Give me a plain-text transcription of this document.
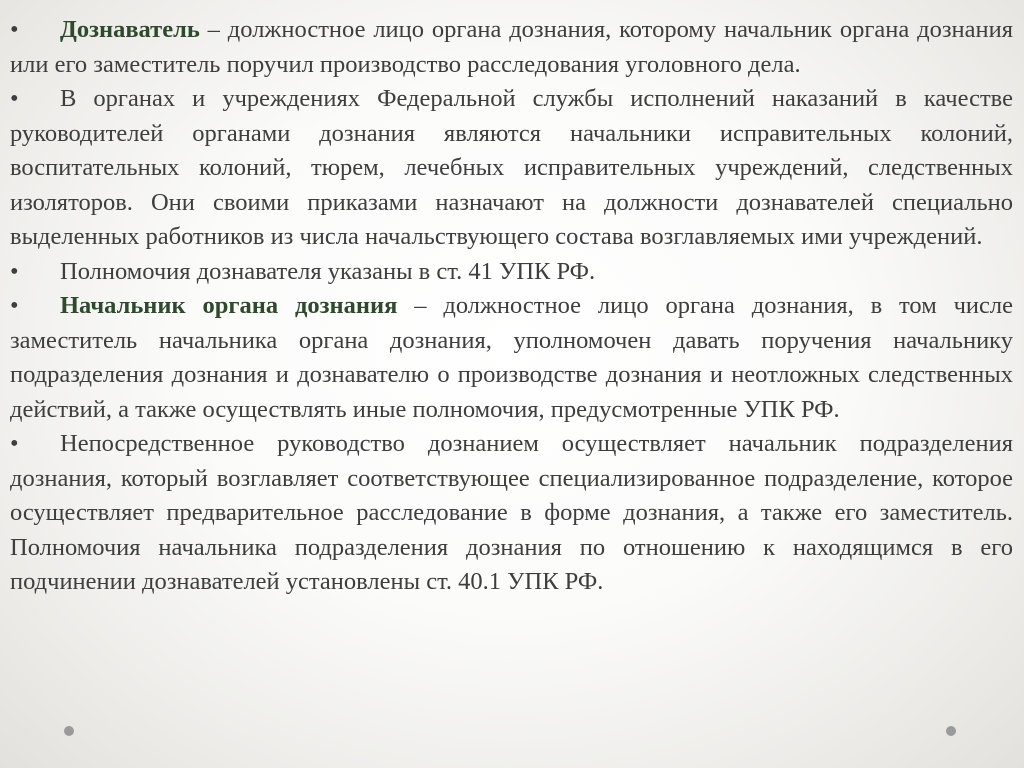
•	Дознаватель – должностное лицо органа дознания, которому начальник органа дознания или его заместитель поручил производство расследования уголовного дела.
•	В органах и учреждениях Федеральной службы исполнений наказаний в качестве руководителей органами дознания являются начальники исправительных колоний, воспитательных колоний, тюрем, лечебных исправительных учреждений, следственных изоляторов. Они своими приказами назначают на должности дознавателей специально выделенных работников из числа начальствующего состава возглавляемых ими учреждений.
•	Полномочия дознавателя указаны в ст. 41 УПК РФ.
•	Начальник органа дознания – должностное лицо органа дознания, в том числе заместитель начальника органа дознания, уполномочен давать поручения начальнику подразделения дознания и дознавателю о производстве дознания и неотложных следственных действий, а также осуществлять иные полномочия, предусмотренные УПК РФ.
•	Непосредственное руководство дознанием осуществляет начальник подразделения дознания, который возглавляет соответствующее специализированное подразделение, которое осуществляет предварительное расследование в форме дознания, а также его заместитель. Полномочия начальника подразделения дознания по отношению к находящимся в его подчинении дознавателей установлены ст. 40.1 УПК РФ.
